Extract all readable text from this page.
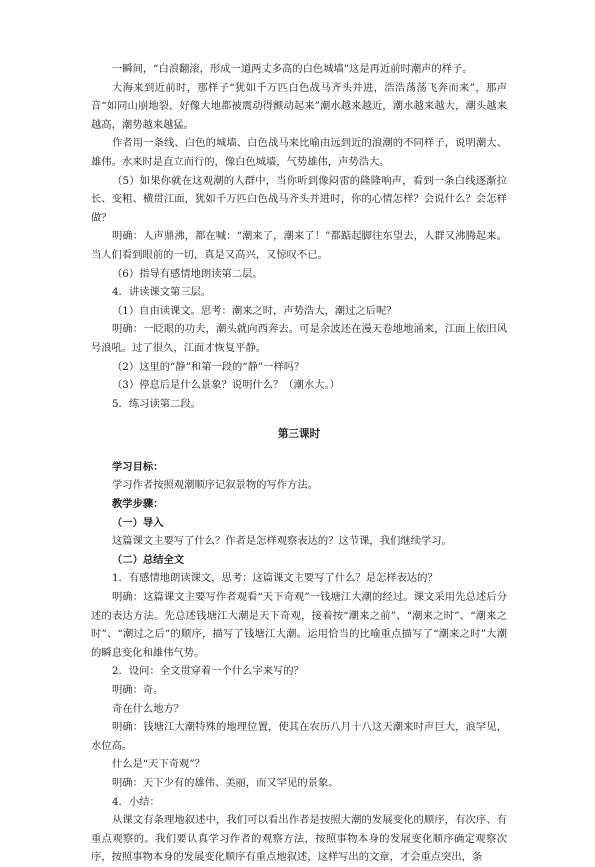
一瞬间，“白浪翻滚，形成一道两丈多高的白色城墙”这是再近前时潮声的样子。

大海来到近前时，那样子“犹如千万匹白色战马齐头并进，浩浩荡荡飞奔而来”，那声音“如同山崩地裂，好像大地都被震动得颤动起来”潮水越来越近，潮水越来越大，潮头越来越高，潮势越来越猛。

作者用一条线、白色的城墙、白色战马来比喻由远到近的浪潮的不同样子，说明潮大、雄伟。水来时是直立而行的，像白色城墙，气势雄伟，声势浩大。

（5）如果你就在这观潮的人群中，当你听到像闷雷的隆隆响声，看到一条白线逐渐拉长、变粗、横贯江面，犹如千万匹白色战马齐头并进时，你的心情怎样？会说什么？会怎样做？

明确：人声鼎沸，都在喊：“潮来了，潮来了！”都踮起脚往东望去，人群又沸腾起来。当人们看到眼前的一切，真是又高兴，又惊叹不已。

（6）指导有感情地朗读第二层。

4．讲读课文第三层。

（1）自由读课文。思考：潮来之时，声势浩大，潮过之后呢？

明确：一眨眼的功夫，潮头就向西奔去。可是余波还在漫天卷地地涌来，江面上依旧风号浪吼。过了很久，江面才恢复平静。

（2）这里的“静”和第一段的“静”一样吗？

（3）停息后是什么景象？说明什么？（潮水大。）

5．练习读第二段。

第三课时

学习目标：

学习作者按照观潮顺序记叙景物的写作方法。

教学步骤：

（一）导入

这篇课文主要写了什么？作者是怎样观察表达的？这节课，我们继续学习。

（二）总结全文

1．有感情地朗读课文，思考：这篇课文主要写了什么？是怎样表达的？

明确：这篇课文主要写作者观看“天下奇观”一钱塘江大潮的经过。课文采用先总述后分述的表达方法。先总述钱塘江大潮是天下奇观，接着按“潮来之前”、“潮来之时”、“潮来之时”、“潮过之后”的顺序，描写了钱塘江大潮。运用恰当的比喻重点描写了“潮来之时”大潮的瞬息变化和雄伟气势。

2．设问：全文贯穿着一个什么字来写的？

明确：奇。

奇在什么地方？

明确：钱塘江大潮特殊的地理位置，使其在农历八月十八这天潮来时声巨大，浪罕见，水位高。

什么是“天下奇观”？

明确：天下少有的雄伟、美丽，而又罕见的景象。

4．小结：

从课文有条理地叙述中，我们可以看出作者是按照大潮的发展变化的顺序，有次序、有重点观察的。我们要认真学习作者的观察方法，按照事物本身的发展变化顺序确定观察次序，按照事物本身的发展变化顺序有重点地叙述，这样写出的文章，才会重点突出，条
